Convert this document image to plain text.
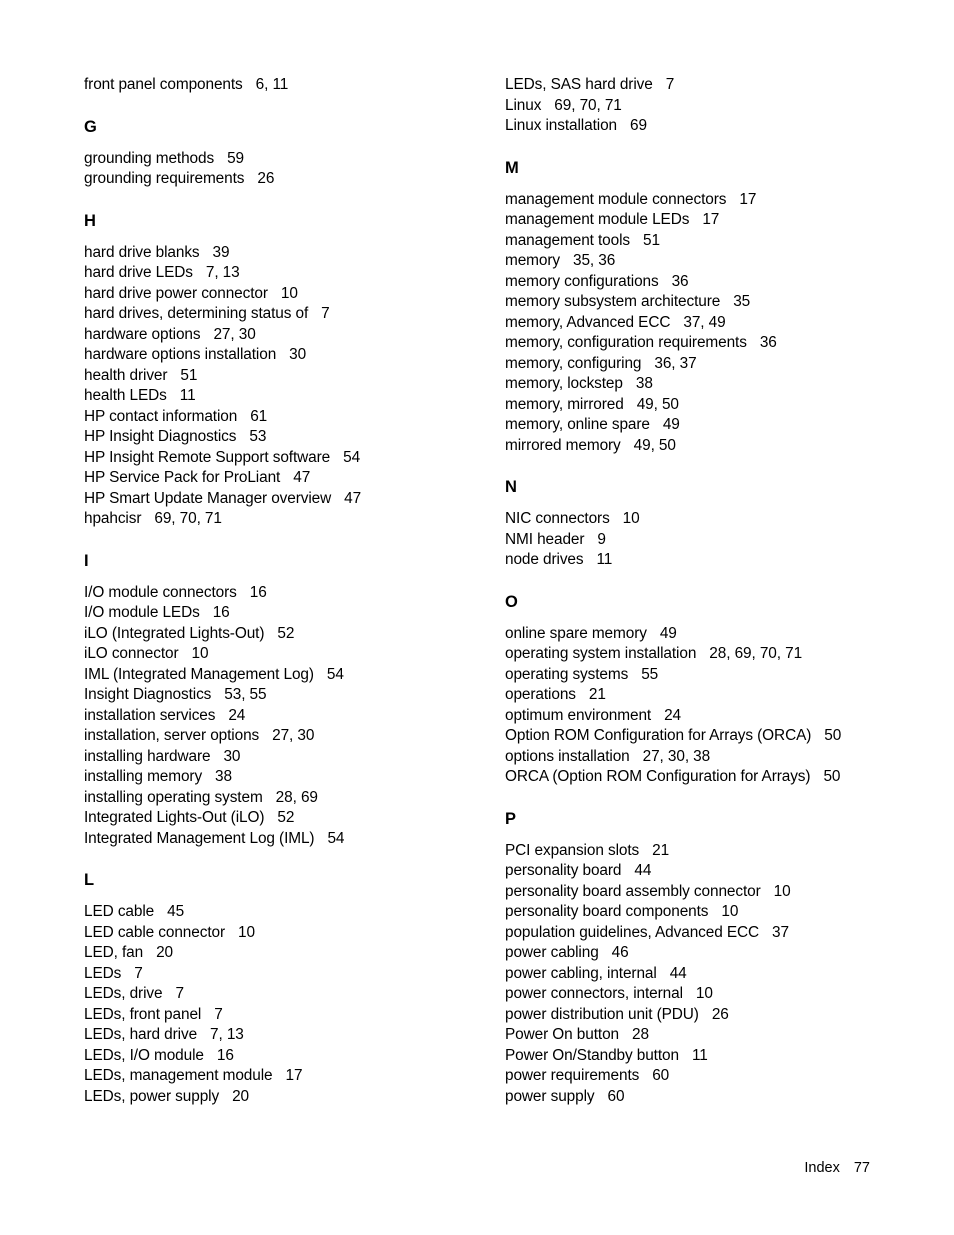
front panel components 6, 11
G
grounding methods 59
grounding requirements 26
H
hard drive blanks 39
hard drive LEDs 7, 13
hard drive power connector 10
hard drives, determining status of 7
hardware options 27, 30
hardware options installation 30
health driver 51
health LEDs 11
HP contact information 61
HP Insight Diagnostics 53
HP Insight Remote Support software 54
HP Service Pack for ProLiant 47
HP Smart Update Manager overview 47
hpahcisr 69, 70, 71
I
I/O module connectors 16
I/O module LEDs 16
iLO (Integrated Lights-Out) 52
iLO connector 10
IML (Integrated Management Log) 54
Insight Diagnostics 53, 55
installation services 24
installation, server options 27, 30
installing hardware 30
installing memory 38
installing operating system 28, 69
Integrated Lights-Out (iLO) 52
Integrated Management Log (IML) 54
L
LED cable 45
LED cable connector 10
LED, fan 20
LEDs 7
LEDs, drive 7
LEDs, front panel 7
LEDs, hard drive 7, 13
LEDs, I/O module 16
LEDs, management module 17
LEDs, power supply 20
LEDs, SAS hard drive 7
Linux 69, 70, 71
Linux installation 69
M
management module connectors 17
management module LEDs 17
management tools 51
memory 35, 36
memory configurations 36
memory subsystem architecture 35
memory, Advanced ECC 37, 49
memory, configuration requirements 36
memory, configuring 36, 37
memory, lockstep 38
memory, mirrored 49, 50
memory, online spare 49
mirrored memory 49, 50
N
NIC connectors 10
NMI header 9
node drives 11
O
online spare memory 49
operating system installation 28, 69, 70, 71
operating systems 55
operations 21
optimum environment 24
Option ROM Configuration for Arrays (ORCA) 50
options installation 27, 30, 38
ORCA (Option ROM Configuration for Arrays) 50
P
PCI expansion slots 21
personality board 44
personality board assembly connector 10
personality board components 10
population guidelines, Advanced ECC 37
power cabling 46
power cabling, internal 44
power connectors, internal 10
power distribution unit (PDU) 26
Power On button 28
Power On/Standby button 11
power requirements 60
power supply 60
Index 77
